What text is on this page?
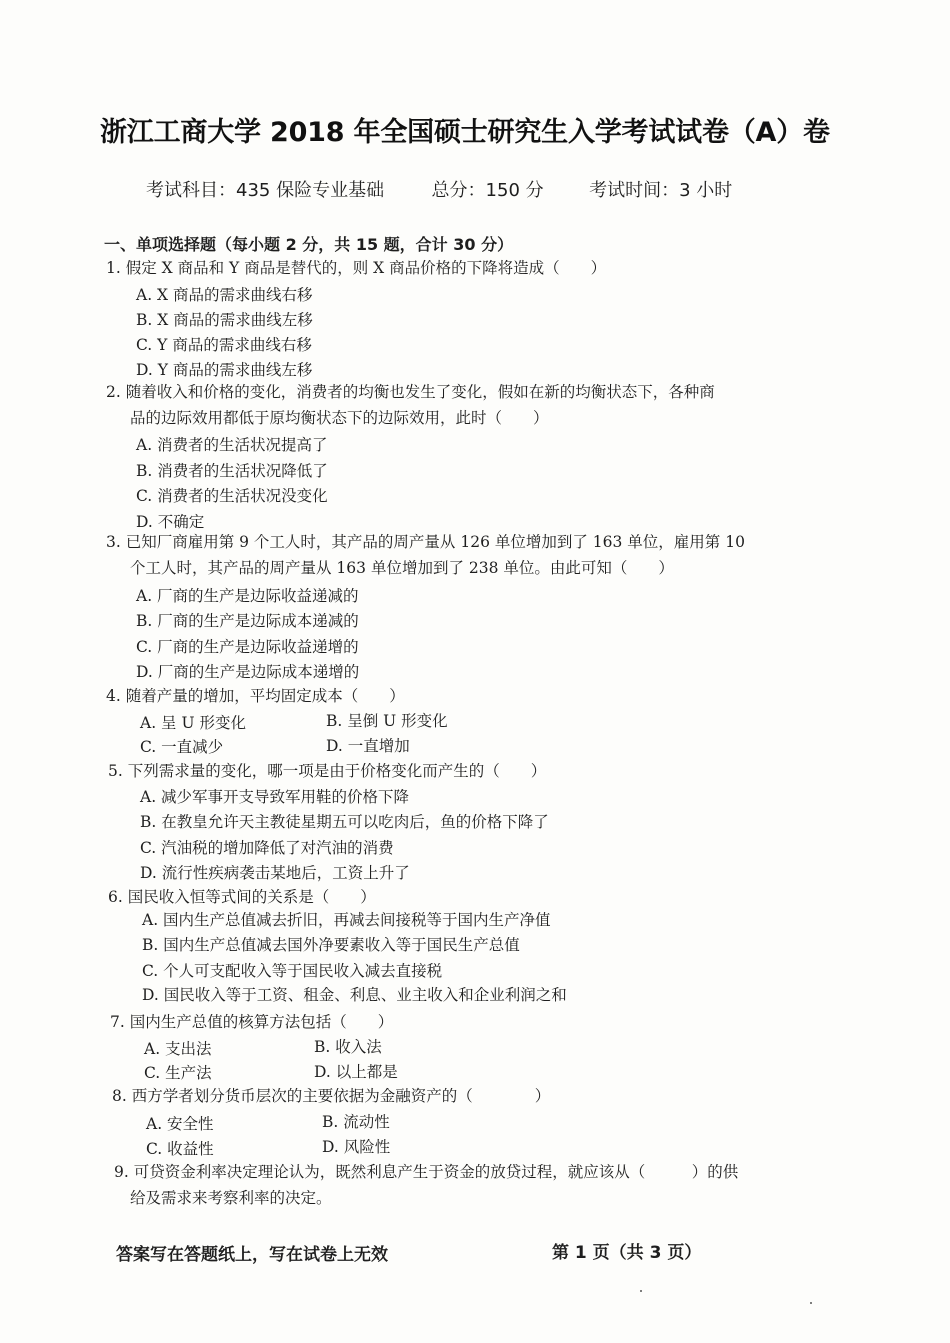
浙江工商大学 2018 年全国硕士研究生入学考试试卷（A）卷
考试科目：435 保险专业基础	总分：150 分	考试时间：3 小时
一、单项选择题（每小题 2 分，共 15 题，合计 30 分）
1. 假定 X 商品和 Y 商品是替代的，则 X 商品价格的下降将造成（　　）
A. X 商品的需求曲线右移
B. X 商品的需求曲线左移
C. Y 商品的需求曲线右移
D. Y 商品的需求曲线左移
2. 随着收入和价格的变化，消费者的均衡也发生了变化，假如在新的均衡状态下，各种商
品的边际效用都低于原均衡状态下的边际效用，此时（　　）
A. 消费者的生活状况提高了
B. 消费者的生活状况降低了
C. 消费者的生活状况没变化
D. 不确定
3. 已知厂商雇用第 9 个工人时，其产品的周产量从 126 单位增加到了 163 单位，雇用第 10
个工人时，其产品的周产量从 163 单位增加到了 238 单位。由此可知（　　）
A. 厂商的生产是边际收益递减的
B. 厂商的生产是边际成本递减的
C. 厂商的生产是边际收益递增的
D. 厂商的生产是边际成本递增的
4. 随着产量的增加，平均固定成本（　　）
A. 呈 U 形变化	B. 呈倒 U 形变化
C. 一直减少	D. 一直增加
5. 下列需求量的变化，哪一项是由于价格变化而产生的（　　）
A. 减少军事开支导致军用鞋的价格下降
B. 在教皇允许天主教徒星期五可以吃肉后，鱼的价格下降了
C. 汽油税的增加降低了对汽油的消费
D. 流行性疾病袭击某地后，工资上升了
6. 国民收入恒等式间的关系是（　　）
A. 国内生产总值减去折旧，再减去间接税等于国内生产净值
B. 国内生产总值减去国外净要素收入等于国民生产总值
C. 个人可支配收入等于国民收入减去直接税
D. 国民收入等于工资、租金、利息、业主收入和企业利润之和
7. 国内生产总值的核算方法包括（　　）
A. 支出法	B. 收入法
C. 生产法	D. 以上都是
8. 西方学者划分货币层次的主要依据为金融资产的（　　　　）
A. 安全性	B. 流动性
C. 收益性	D. 风险性
9. 可贷资金利率决定理论认为，既然利息产生于资金的放贷过程，就应该从（　　　）的供
给及需求来考察利率的决定。
答案写在答题纸上，写在试卷上无效	第 1 页（共 3 页）
